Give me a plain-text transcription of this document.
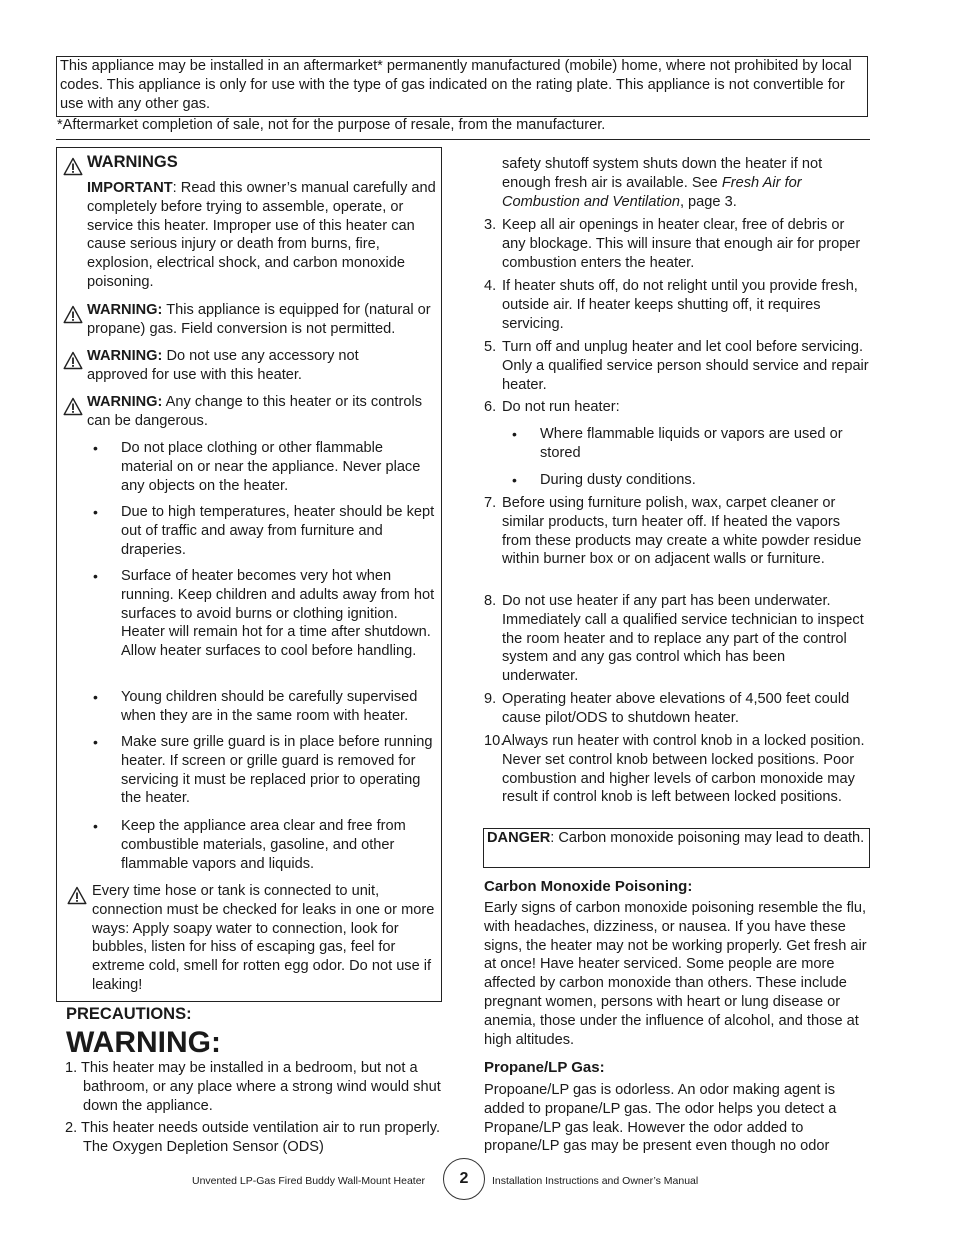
This appliance may be installed in an aftermarket* permanently manufactured (mobile) home, where not prohibited by local codes. This appliance is only for use with the type of gas indicated on the rating plate. This appliance is not convertible for use with any other gas.
*Aftermarket completion of sale, not for the purpose of resale, from the manufacturer.
WARNINGS
IMPORTANT: Read this owner’s manual carefully and completely before trying to assemble, operate, or service this heater. Improper use of this heater can cause serious injury or death from burns, fire, explosion, electrical shock, and carbon monoxide poisoning.
WARNING: This appliance is equipped for (natural or propane) gas. Field conversion is not permitted.
WARNING: Do not use any accessory not approved for use with this heater.
WARNING: Any change to this heater or its controls can be dangerous.
• Do not place clothing or other flammable material on or near the appliance. Never place any objects on the heater.
• Due to high temperatures, heater should be kept out of traffic and away from furniture and draperies.
• Surface of heater becomes very hot when running. Keep children and adults away from hot surfaces to avoid burns or clothing ignition. Heater will remain hot for a time after shutdown. Allow heater surfaces to cool before handling.
• Young children should be carefully supervised when they are in the same room with heater.
• Make sure grille guard is in place before running heater. If screen or grille guard is removed for servicing it must be replaced prior to operating the heater.
• Keep the appliance area clear and free from combustible materials, gasoline, and other flammable vapors and liquids.
Every time hose or tank is connected to unit, connection must be checked for leaks in one or more ways: Apply soapy water to connection, look for bubbles, listen for hiss of escaping gas, feel for extreme cold, smell for rotten egg odor. Do not use if leaking!
PRECAUTIONS:
WARNING:
1. This heater may be installed in a bedroom, but not a bathroom, or any place where a strong wind would shut down the appliance.
2. This heater needs outside ventilation air to run properly. The Oxygen Depletion Sensor (ODS)
safety shutoff system shuts down the heater if not enough fresh air is available. See Fresh Air for Combustion and Ventilation, page 3.
3. Keep all air openings in heater clear, free of debris or any blockage. This will insure that enough air for proper combustion enters the heater.
4. If heater shuts off, do not relight until you provide fresh, outside air. If heater keeps shutting off, it requires servicing.
5. Turn off and unplug heater and let cool before servicing. Only a qualified service person should service and repair heater.
6. Do not run heater:
• Where flammable liquids or vapors are used or stored
• During dusty conditions.
7. Before using furniture polish, wax, carpet cleaner or similar products, turn heater off. If heated the vapors from these products may create a white powder residue within burner box or on adjacent walls or furniture.
8. Do not use heater if any part has been underwater. Immediately call a qualified service technician to inspect the room heater and to replace any part of the control system and any gas control which has been underwater.
9. Operating heater above elevations of 4,500 feet could cause pilot/ODS to shutdown heater.
10.
Always run heater with control knob in a locked position. Never set control knob between locked positions. Poor combustion and higher levels of carbon monoxide may result if control knob is left between locked positions.
DANGER: Carbon monoxide poisoning may lead to death.
Carbon Monoxide Poisoning:
Early signs of carbon monoxide poisoning resemble the flu, with headaches, dizziness, or nausea. If you have these signs, the heater may not be working properly. Get fresh air at once! Have heater serviced. Some people are more affected by carbon monoxide than others. These include pregnant women, persons with heart or lung disease or anemia, those under the influence of alcohol, and those at high altitudes.
Propane/LP Gas:
Propoane/LP gas is odorless. An odor making agent is added to propane/LP gas. The odor helps you detect a Propane/LP gas leak. However the odor added to propane/LP gas may be present even though no odor
Unvented LP-Gas Fired Buddy Wall-Mount Heater	2	Installation Instructions and Owner’s Manual
